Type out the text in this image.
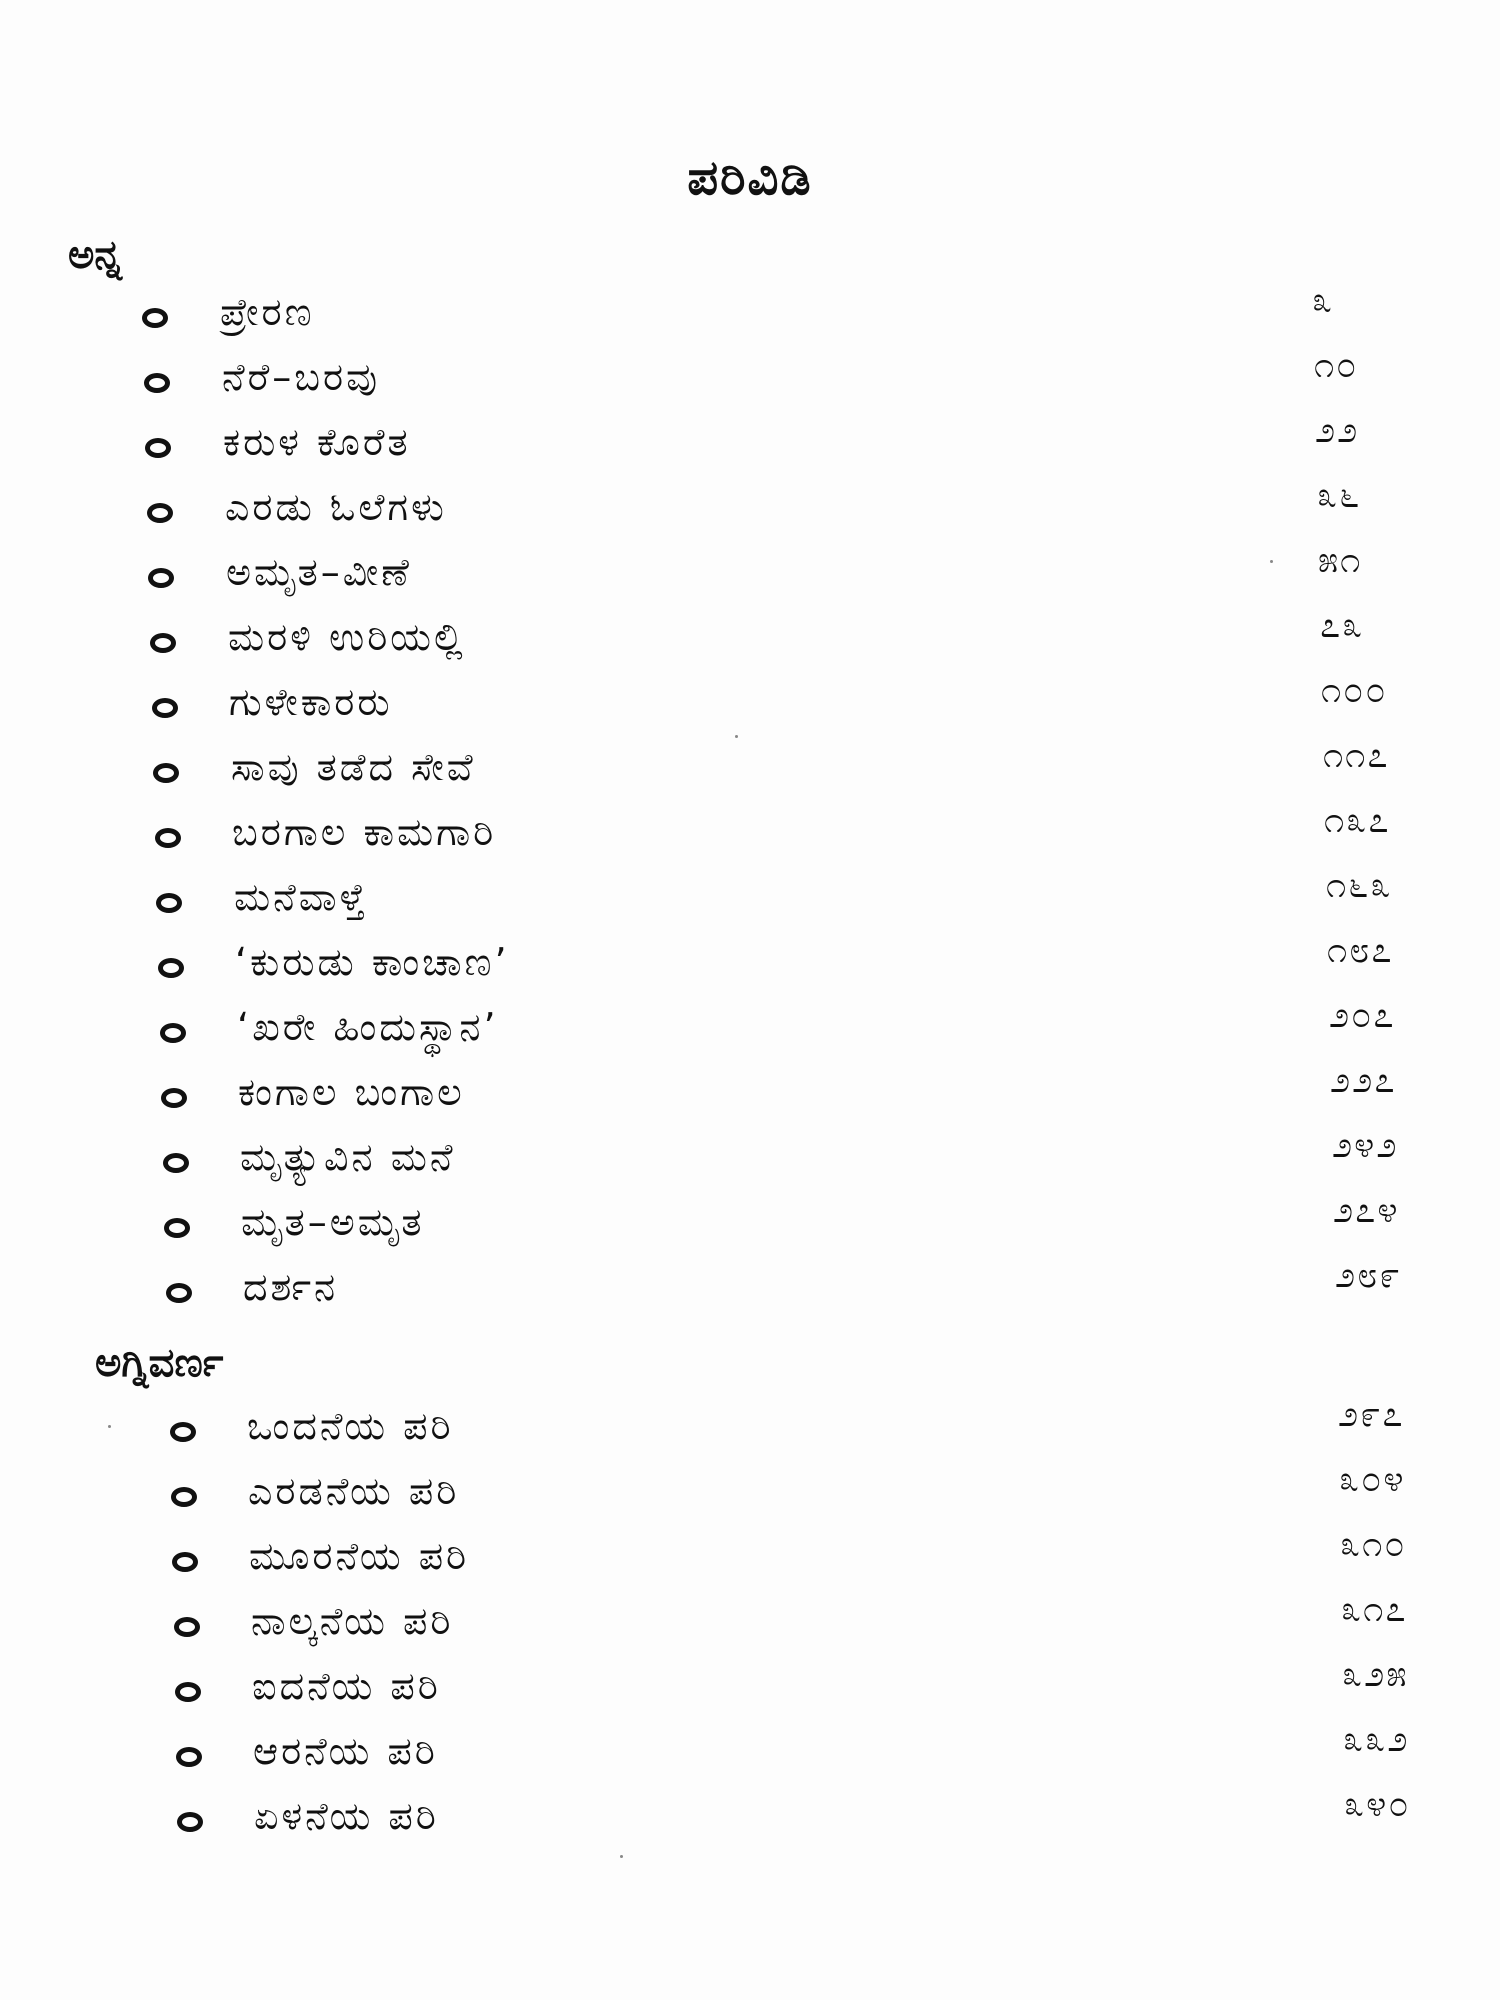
ಪರಿವಿಡಿ
ಅನ್ನ
ಪ್ರೇರಣ	೩
ನೆರೆ–ಬರವು	೧೦
ಕರುಳ ಕೊರೆತ	೨೨
ಎರಡು ಓಲೆಗಳು	೩೬
ಅಮೃತ–ವೀಣೆ	೫೧
ಮರಳಿ ಉರಿಯಲ್ಲಿ	೭೩
ಗುಳೇಕಾರರು	೧೦೦
ಸಾವು ತಡೆದ ಸೇವೆ	೧೧೭
ಬರಗಾಲ ಕಾಮಗಾರಿ	೧೩೭
ಮನೆವಾಳ್ತೆ	೧೬೩
‘ಕುರುಡು ಕಾಂಚಾಣ’	೧೮೭
‘ಖರೇ ಹಿಂದುಸ್ಥಾನ’	೨೦೭
ಕಂಗಾಲ ಬಂಗಾಲ	೨೨೭
ಮೃತ್ಯುವಿನ ಮನೆ	೨೪೨
ಮೃತ–ಅಮೃತ	೨೭೪
ದರ್ಶನ	೨೮೯
ಅಗ್ನಿವರ್ಣ
ಒಂದನೆಯ ಪರಿ	೨೯೭
ಎರಡನೆಯ ಪರಿ	೩೦೪
ಮೂರನೆಯ ಪರಿ	೩೧೦
ನಾಲ್ಕನೆಯ ಪರಿ	೩೧೭
ಐದನೆಯ ಪರಿ	೩೨೫
ಆರನೆಯ ಪರಿ	೩೩೨
ಏಳನೆಯ ಪರಿ	೩೪೦
